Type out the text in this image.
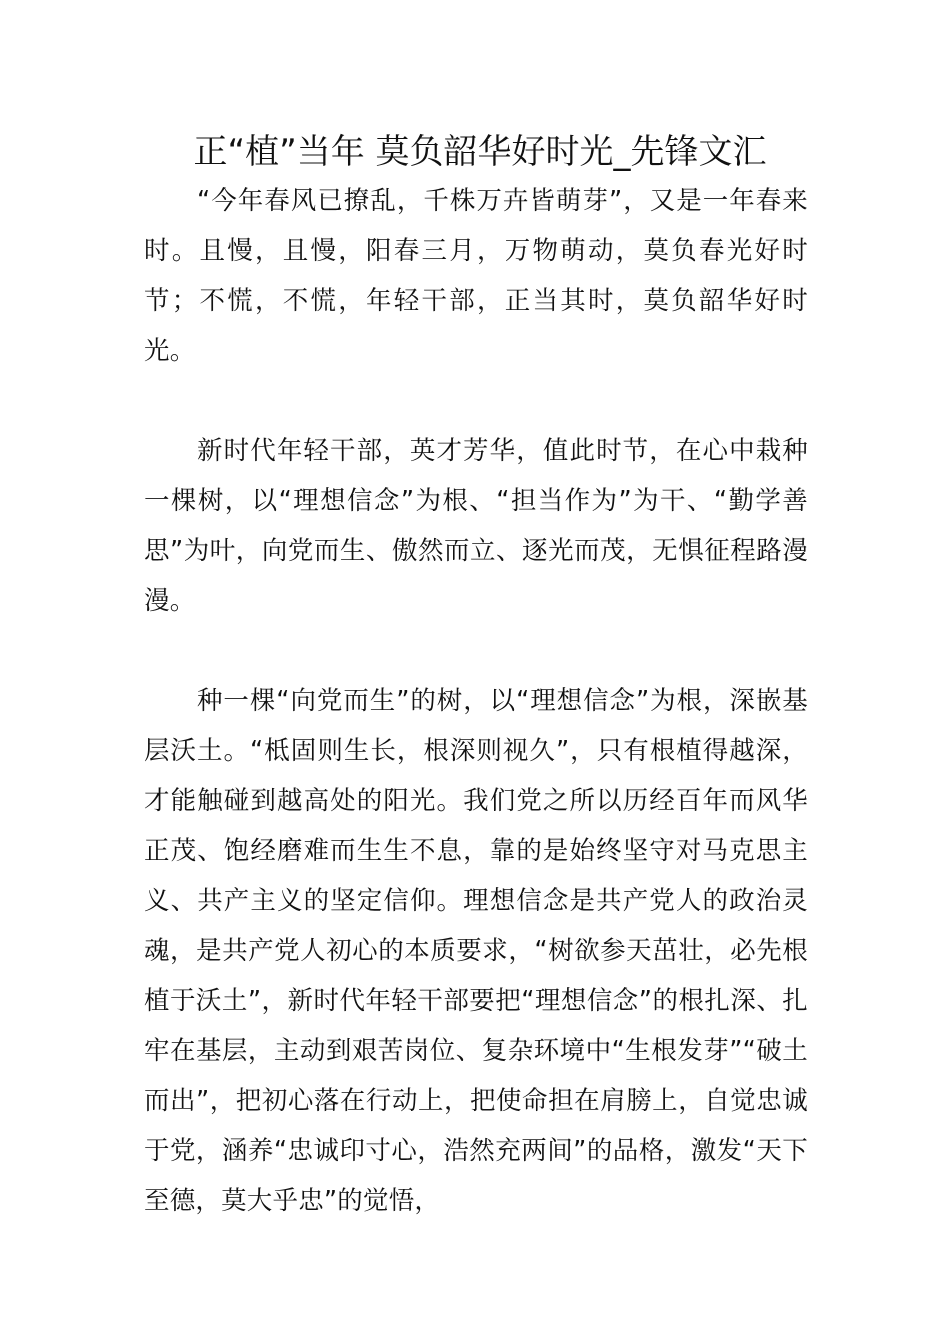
正“植”当年 莫负韶华好时光_先锋文汇

“今年春风已撩乱，千株万卉皆萌芽”，又是一年春来时。且慢，且慢，阳春三月，万物萌动，莫负春光好时节；不慌，不慌，年轻干部，正当其时，莫负韶华好时光。

新时代年轻干部，英才芳华，值此时节，在心中栽种一棵树，以“理想信念”为根、“担当作为”为干、“勤学善思”为叶，向党而生、傲然而立、逐光而茂，无惧征程路漫漫。

种一棵“向党而生”的树，以“理想信念”为根，深嵌基层沃土。“柢固则生长，根深则视久”，只有根植得越深，才能触碰到越高处的阳光。我们党之所以历经百年而风华正茂、饱经磨难而生生不息，靠的是始终坚守对马克思主义、共产主义的坚定信仰。理想信念是共产党人的政治灵魂，是共产党人初心的本质要求，“树欲参天茁壮，必先根植于沃土”，新时代年轻干部要把“理想信念”的根扎深、扎牢在基层，主动到艰苦岗位、复杂环境中“生根发芽”“破土而出”，把初心落在行动上，把使命担在肩膀上，自觉忠诚于党，涵养“忠诚印寸心，浩然充两间”的品格，激发“天下至德，莫大乎忠”的觉悟，
